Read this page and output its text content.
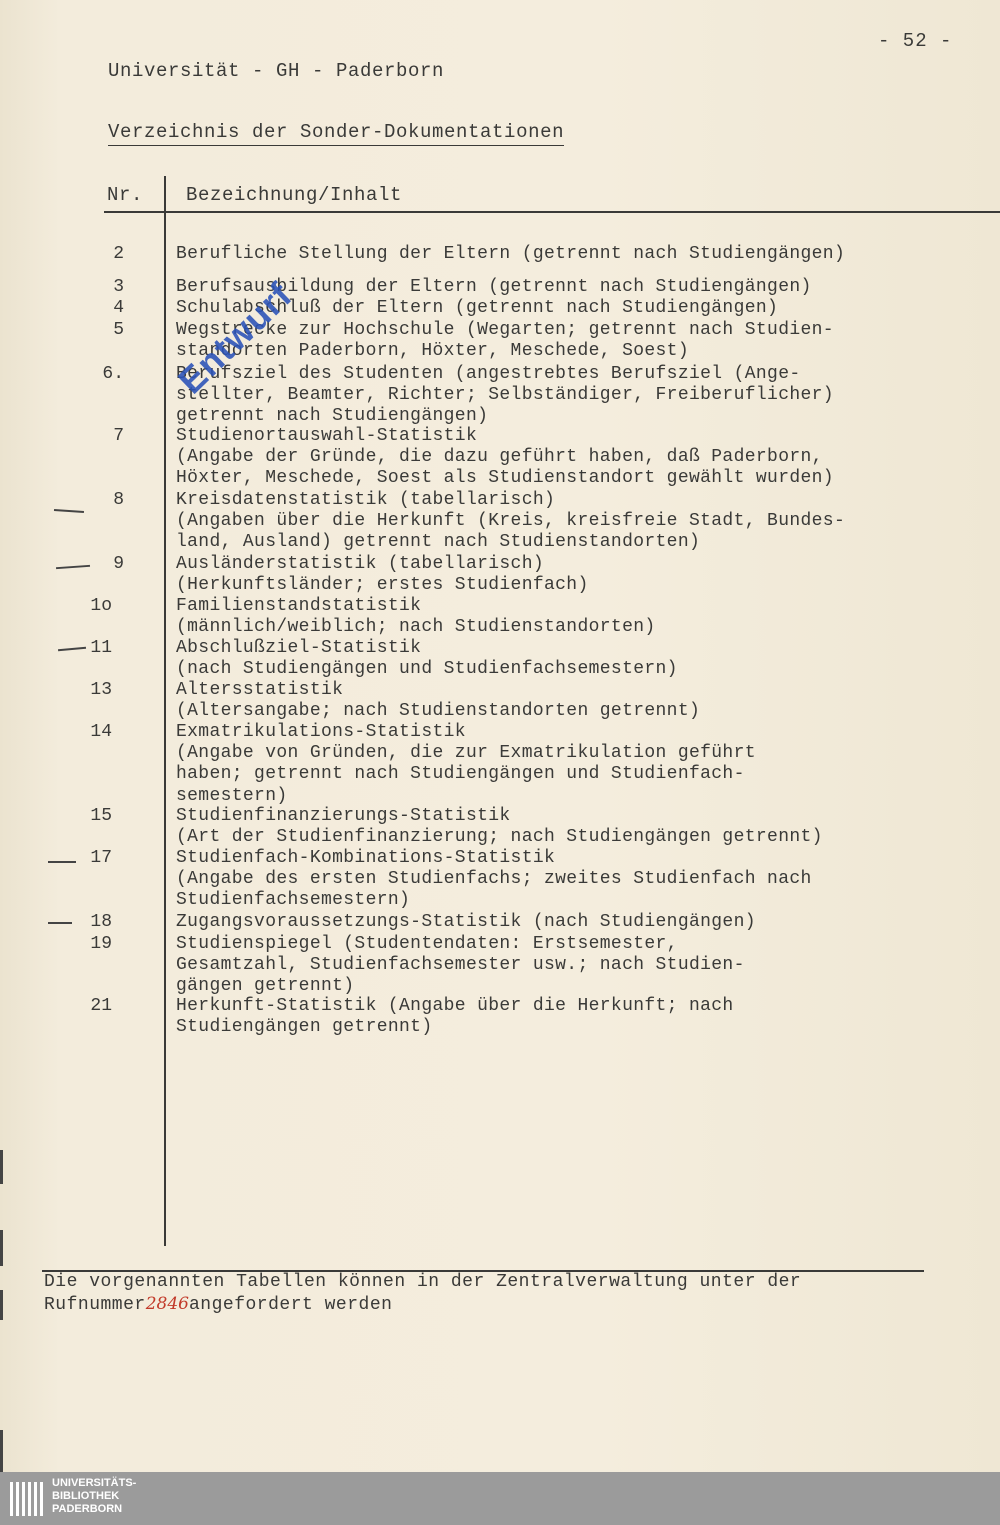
- 52 -
Universität - GH - Paderborn
Verzeichnis der Sonder-Dokumentationen
Nr. Bezeichnung/Inhalt
2	Berufliche Stellung der Eltern (getrennt nach Studiengängen)
3	Berufsausbildung der Eltern (getrennt nach Studiengängen)
4	Schulabschluß der Eltern (getrennt nach Studiengängen)
5	Wegstrecke zur Hochschule (Wegarten; getrennt nach Studien-
standorten Paderborn, Höxter, Meschede, Soest)
6.	Berufsziel des Studenten (angestrebtes Berufsziel (Ange-
stellter, Beamter, Richter; Selbständiger, Freiberuflicher)
getrennt nach Studiengängen)
7	Studienortauswahl-Statistik
(Angabe der Gründe, die dazu geführt haben, daß Paderborn,
Höxter, Meschede, Soest als Studienstandort gewählt wurden)
8	Kreisdatenstatistik (tabellarisch)
(Angaben über die Herkunft (Kreis, kreisfreie Stadt, Bundes-
land, Ausland) getrennt nach Studienstandorten)
9	Ausländerstatistik (tabellarisch)
(Herkunftsländer; erstes Studienfach)
1o	Familienstandstatistik
(männlich/weiblich; nach Studienstandorten)
11	Abschlußziel-Statistik
(nach Studiengängen und Studienfachsemestern)
13	Altersstatistik
(Altersangabe; nach Studienstandorten getrennt)
14	Exmatrikulations-Statistik
(Angabe von Gründen, die zur Exmatrikulation geführt
haben; getrennt nach Studiengängen und Studienfach-
semestern)
15	Studienfinanzierungs-Statistik
(Art der Studienfinanzierung; nach Studiengängen getrennt)
17	Studienfach-Kombinations-Statistik
(Angabe des ersten Studienfachs; zweites Studienfach nach
Studienfachsemestern)
18	Zugangsvoraussetzungs-Statistik (nach Studiengängen)
19	Studienspiegel (Studentendaten: Erstsemester,
Gesamtzahl, Studienfachsemester usw.; nach Studien-
gängen getrennt)
21	Herkunft-Statistik (Angabe über die Herkunft; nach
Studiengängen getrennt)
Entwurf
Die vorgenannten Tabellen können in der Zentralverwaltung unter der
Rufnummer2846angefordert werden
UNIVERSITÄTS-
BIBLIOTHEK
PADERBORN
